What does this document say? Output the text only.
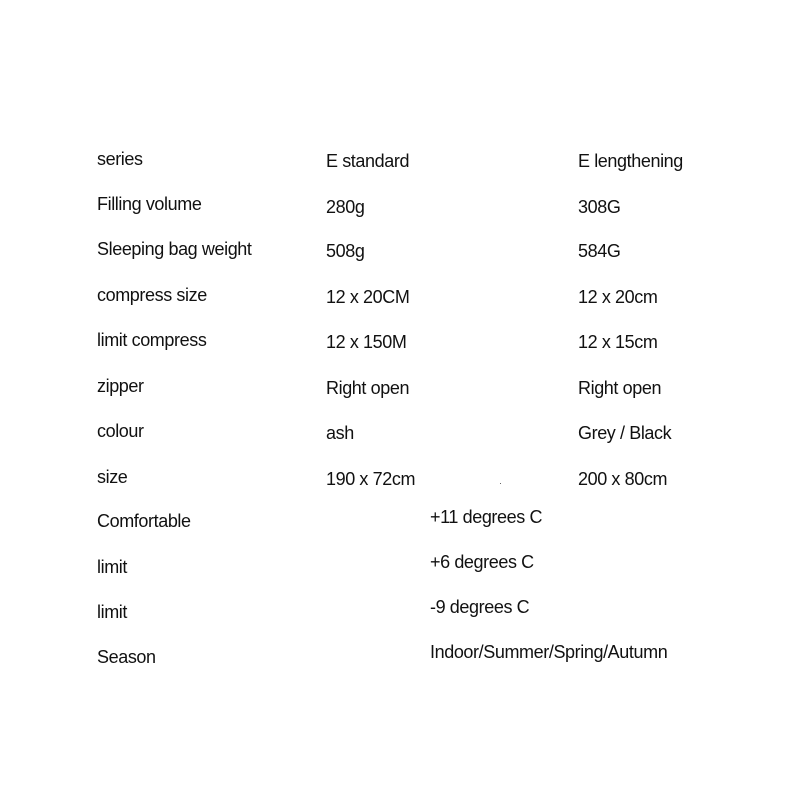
series	E standard	E lengthening
Filling volume	280g	308G
Sleeping bag weight	508g	584G
compress size	12 x 20CM	12 x 20cm
limit compress	12 x 150M	12 x 15cm
zipper	Right open	Right open
colour	ash	Grey / Black
size	190 x 72cm	200 x 80cm
Comfortable	+11 degrees C
limit	+6 degrees C
limit	-9 degrees C
Season	Indoor/Summer/Spring/Autumn
